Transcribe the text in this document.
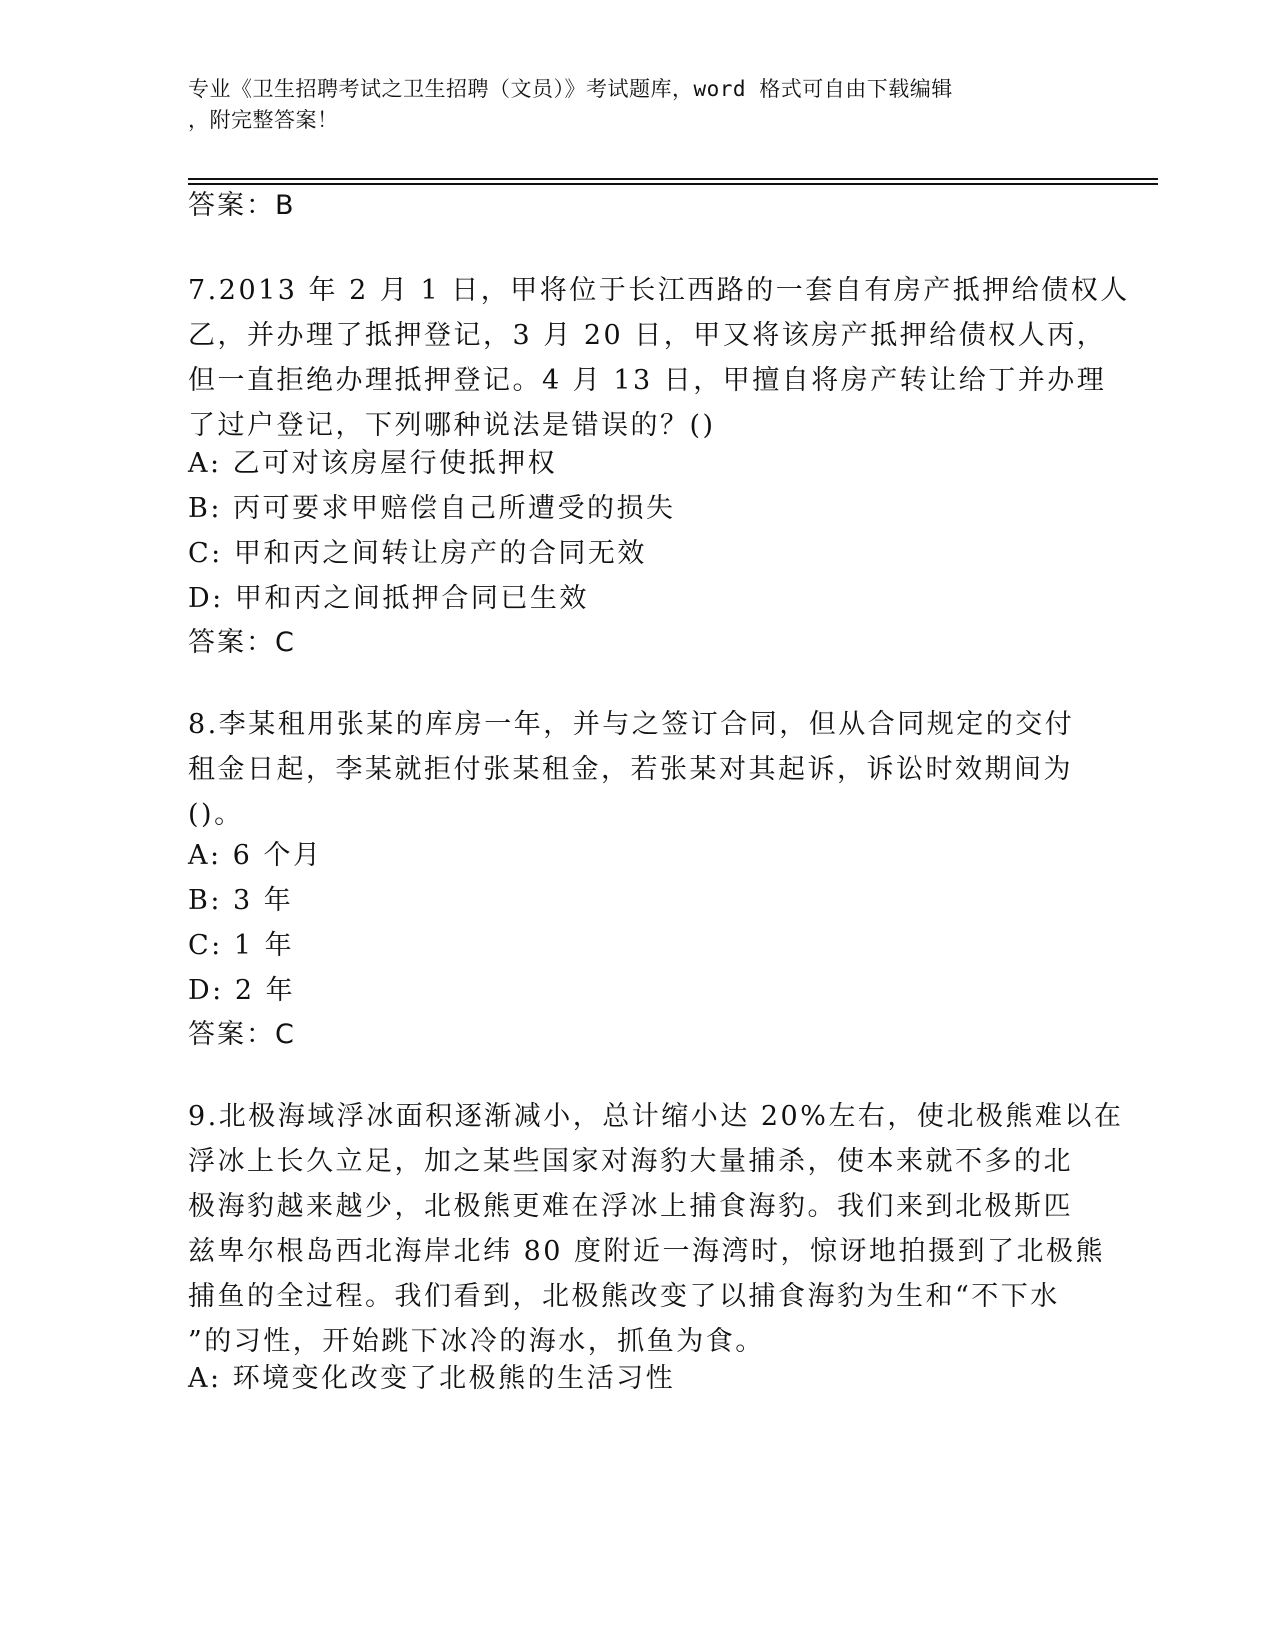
专业《卫生招聘考试之卫生招聘（文员）》考试题库，word 格式可自由下载编辑
，附完整答案！
答案：B

7.2013 年 2 月 1 日，甲将位于长江西路的一套自有房产抵押给债权人

乙，并办理了抵押登记，3 月 20 日，甲又将该房产抵押给债权人丙，

但一直拒绝办理抵押登记。4 月 13 日，甲擅自将房产转让给丁并办理

了过户登记，下列哪种说法是错误的？()

A: 乙可对该房屋行使抵押权
B: 丙可要求甲赔偿自己所遭受的损失
C: 甲和丙之间转让房产的合同无效
D: 甲和丙之间抵押合同已生效
答案：C

8.李某租用张某的库房一年，并与之签订合同，但从合同规定的交付

租金日起，李某就拒付张某租金，若张某对其起诉，诉讼时效期间为

()。

A: 6 个月
B: 3 年
C: 1 年
D: 2 年
答案：C

9.北极海域浮冰面积逐渐减小，总计缩小达 20%左右，使北极熊难以在

浮冰上长久立足，加之某些国家对海豹大量捕杀，使本来就不多的北

极海豹越来越少，北极熊更难在浮冰上捕食海豹。我们来到北极斯匹

兹卑尔根岛西北海岸北纬 80 度附近一海湾时，惊讶地拍摄到了北极熊

捕鱼的全过程。我们看到，北极熊改变了以捕食海豹为生和“不下水

”的习性，开始跳下冰冷的海水，抓鱼为食。

A: 环境变化改变了北极熊的生活习性
